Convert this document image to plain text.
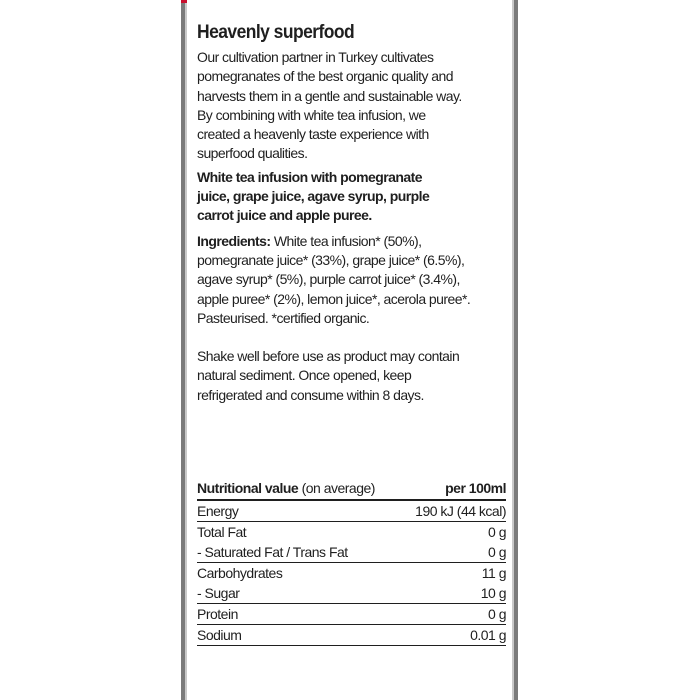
Heavenly superfood

Our cultivation partner in Turkey cultivates
pomegranates of the best organic quality and
harvests them in a gentle and sustainable way.
By combining with white tea infusion, we
created a heavenly taste experience with
superfood qualities.

White tea infusion with pomegranate
juice, grape juice, agave syrup, purple
carrot juice and apple puree.

Ingredients: White tea infusion* (50%),
pomegranate juice* (33%), grape juice* (6.5%),
agave syrup* (5%), purple carrot juice* (3.4%),
apple puree* (2%), lemon juice*, acerola puree*.
Pasteurised. *certified organic.

Shake well before use as product may contain
natural sediment. Once opened, keep
refrigerated and consume within 8 days.

Nutritional value (on average)	per 100ml
Energy	190 kJ (44 kcal)
Total Fat	0 g
- Saturated Fat / Trans Fat	0 g
Carbohydrates	11 g
- Sugar	10 g
Protein	0 g
Sodium	0.01 g
